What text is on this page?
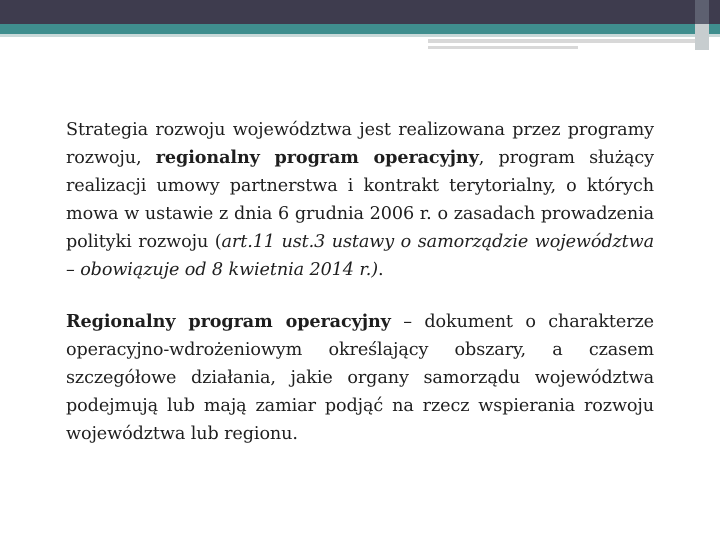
Strategia rozwoju województwa jest realizowana przez programy rozwoju, regionalny program operacyjny, program służący realizacji umowy partnerstwa i kontrakt terytorialny, o których mowa w ustawie z dnia 6 grudnia 2006 r. o zasadach prowadzenia polityki rozwoju (art.11 ust.3 ustawy o samorządzie województwa – obowiązuje od 8 kwietnia 2014 r.).

Regionalny program operacyjny – dokument o charakterze operacyjno-wdrożeniowym określający obszary, a czasem szczegółowe działania, jakie organy samorządu województwa podejmują lub mają zamiar podjąć na rzecz wspierania rozwoju województwa lub regionu.
